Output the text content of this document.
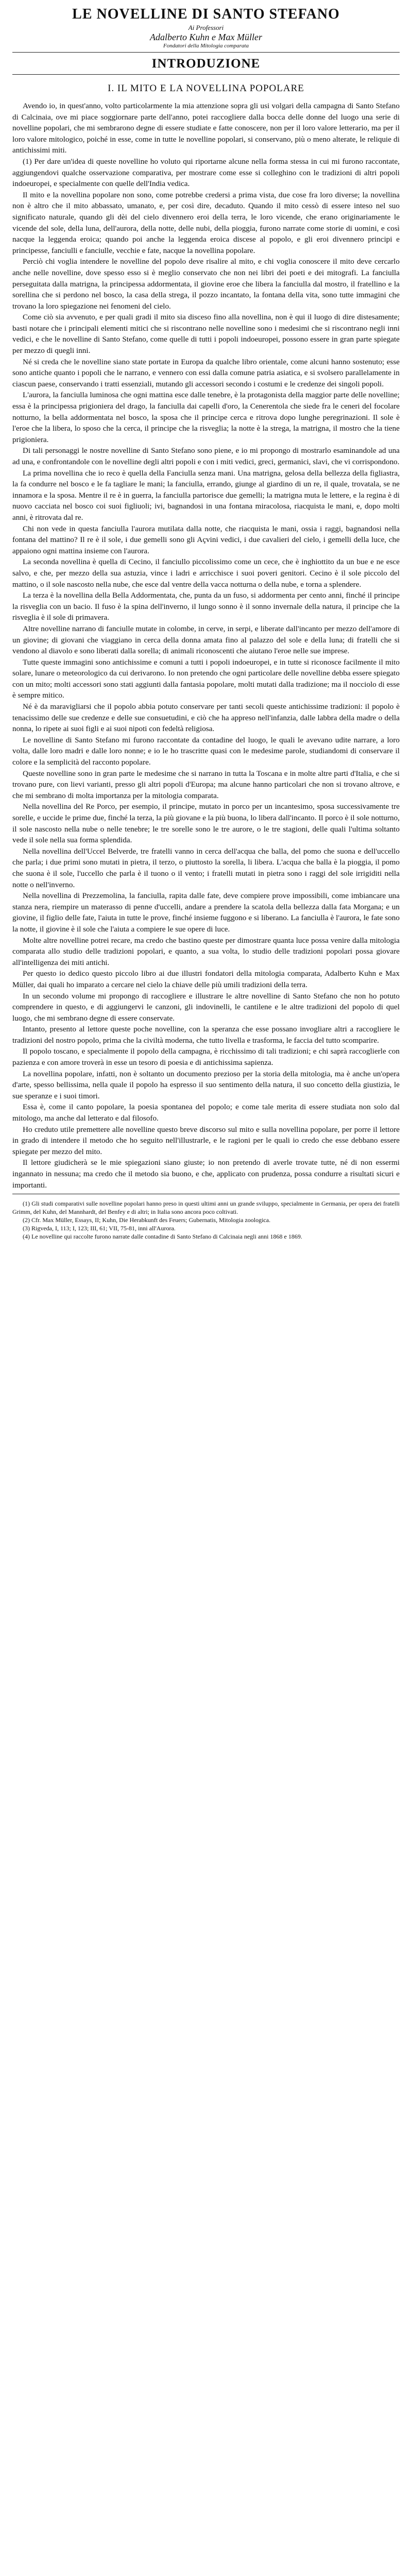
LE NOVELLINE DI SANTO STEFANO
Ai Professori
Adalberto Kuhn e Max Müller
Fondatori della Mitologia comparata
INTRODUZIONE
I. IL MITO E LA NOVELLINA POPOLARE

Avendo io, in quest'anno, volto particolarmente la mia attenzione sopra gli usi volgari della campagna di Santo Stefano di Calcinaia, ove mi piace soggiornare parte dell'anno, potei raccogliere dalla bocca delle donne del luogo una serie di novelline popolari, che mi sembrarono degne di essere studiate e fatte conoscere, non per il loro valore letterario, ma per il loro valore mitologico, poiché in esse, come in tutte le novelline popolari, si conservano, più o meno alterate, le reliquie di antichissimi miti.

(1) Per dare un'idea di queste novelline ho voluto qui riportarne alcune nella forma stessa in cui mi furono raccontate, aggiungendovi qualche osservazione comparativa, per mostrare come esse si colleghino con le tradizioni di altri popoli indoeuropei, e specialmente con quelle dell'India vedica.

Il mito e la novellina popolare non sono, come potrebbe credersi a prima vista, due cose fra loro diverse; la novellina non è altro che il mito abbassato, umanato, e, per così dire, decaduto. Quando il mito cessò di essere inteso nel suo significato naturale, quando gli dèi del cielo divennero eroi della terra, le loro vicende, che erano originariamente le vicende del sole, della luna, dell'aurora, della notte, delle nubi, della pioggia, furono narrate come storie di uomini, e così nacque la leggenda eroica; quando poi anche la leggenda eroica discese al popolo, e gli eroi divennero principi e principesse, fanciulli e fanciulle, vecchie e fate, nacque la novellina popolare.

Perciò chi voglia intendere le novelline del popolo deve risalire al mito, e chi voglia conoscere il mito deve cercarlo anche nelle novelline, dove spesso esso si è meglio conservato che non nei libri dei poeti e dei mitografi. La fanciulla perseguitata dalla matrigna, la principessa addormentata, il giovine eroe che libera la fanciulla dal mostro, il fratellino e la sorellina che si perdono nel bosco, la casa della strega, il pozzo incantato, la fontana della vita, sono tutte immagini che trovano la loro spiegazione nei fenomeni del cielo.

Come ciò sia avvenuto, e per quali gradi il mito sia disceso fino alla novellina, non è qui il luogo di dire distesamente; basti notare che i principali elementi mitici che si riscontrano nelle novelline sono i medesimi che si riscontrano negli inni vedici, e che le novelline di Santo Stefano, come quelle di tutti i popoli indoeuropei, possono essere in gran parte spiegate per mezzo di quegli inni.

Né si creda che le novelline siano state portate in Europa da qualche libro orientale, come alcuni hanno sostenuto; esse sono antiche quanto i popoli che le narrano, e vennero con essi dalla comune patria asiatica, e si svolsero parallelamente in ciascun paese, conservando i tratti essenziali, mutando gli accessori secondo i costumi e le credenze dei singoli popoli.

L'aurora, la fanciulla luminosa che ogni mattina esce dalle tenebre, è la protagonista della maggior parte delle novelline; essa è la principessa prigioniera del drago, la fanciulla dai capelli d'oro, la Cenerentola che siede fra le ceneri del focolare notturno, la bella addormentata nel bosco, la sposa che il principe cerca e ritrova dopo lunghe peregrinazioni. Il sole è l'eroe che la libera, lo sposo che la cerca, il principe che la risveglia; la notte è la strega, la matrigna, il mostro che la tiene prigioniera.

Di tali personaggi le nostre novelline di Santo Stefano sono piene, e io mi propongo di mostrarlo esaminandole ad una ad una, e confrontandole con le novelline degli altri popoli e con i miti vedici, greci, germanici, slavi, che vi corrispondono.

La prima novellina che io reco è quella della Fanciulla senza mani. Una matrigna, gelosa della bellezza della figliastra, la fa condurre nel bosco e le fa tagliare le mani; la fanciulla, errando, giunge al giardino di un re, il quale, trovatala, se ne innamora e la sposa. Mentre il re è in guerra, la fanciulla partorisce due gemelli; la matrigna muta le lettere, e la regina è di nuovo cacciata nel bosco coi suoi figliuoli; ivi, bagnandosi in una fontana miracolosa, riacquista le mani, e, dopo molti anni, è ritrovata dal re.

Chi non vede in questa fanciulla l'aurora mutilata dalla notte, che riacquista le mani, ossia i raggi, bagnandosi nella fontana del mattino? Il re è il sole, i due gemelli sono gli Açvini vedici, i due cavalieri del cielo, i gemelli della luce, che appaiono ogni mattina insieme con l'aurora.

La seconda novellina è quella di Cecino, il fanciullo piccolissimo come un cece, che è inghiottito da un bue e ne esce salvo, e che, per mezzo della sua astuzia, vince i ladri e arricchisce i suoi poveri genitori. Cecino è il sole piccolo del mattino, o il sole nascosto nella nube, che esce dal ventre della vacca notturna o della nube, e torna a splendere.

La terza è la novellina della Bella Addormentata, che, punta da un fuso, si addormenta per cento anni, finché il principe la risveglia con un bacio. Il fuso è la spina dell'inverno, il lungo sonno è il sonno invernale della natura, il principe che la risveglia è il sole di primavera.

Altre novelline narrano di fanciulle mutate in colombe, in cerve, in serpi, e liberate dall'incanto per mezzo dell'amore di un giovine; di giovani che viaggiano in cerca della donna amata fino al palazzo del sole e della luna; di fratelli che si vendono al diavolo e sono liberati dalla sorella; di animali riconoscenti che aiutano l'eroe nelle sue imprese.

Tutte queste immagini sono antichissime e comuni a tutti i popoli indoeuropei, e in tutte si riconosce facilmente il mito solare, lunare o meteorologico da cui derivarono. Io non pretendo che ogni particolare delle novelline debba essere spiegato con un mito; molti accessori sono stati aggiunti dalla fantasia popolare, molti mutati dalla tradizione; ma il nocciolo di esse è sempre mitico.

Né è da maravigliarsi che il popolo abbia potuto conservare per tanti secoli queste antichissime tradizioni: il popolo è tenacissimo delle sue credenze e delle sue consuetudini, e ciò che ha appreso nell'infanzia, dalle labbra della madre o della nonna, lo ripete ai suoi figli e ai suoi nipoti con fedeltà religiosa.

Le novelline di Santo Stefano mi furono raccontate da contadine del luogo, le quali le avevano udite narrare, a loro volta, dalle loro madri e dalle loro nonne; e io le ho trascritte quasi con le medesime parole, studiandomi di conservare il colore e la semplicità del racconto popolare.

Queste novelline sono in gran parte le medesime che si narrano in tutta la Toscana e in molte altre parti d'Italia, e che si trovano pure, con lievi varianti, presso gli altri popoli d'Europa; ma alcune hanno particolari che non si trovano altrove, e che mi sembrano di molta importanza per la mitologia comparata.

Nella novellina del Re Porco, per esempio, il principe, mutato in porco per un incantesimo, sposa successivamente tre sorelle, e uccide le prime due, finché la terza, la più giovane e la più buona, lo libera dall'incanto. Il porco è il sole notturno, il sole nascosto nella nube o nelle tenebre; le tre sorelle sono le tre aurore, o le tre stagioni, delle quali l'ultima soltanto vede il sole nella sua forma splendida.

Nella novellina dell'Uccel Belverde, tre fratelli vanno in cerca dell'acqua che balla, del pomo che suona e dell'uccello che parla; i due primi sono mutati in pietra, il terzo, o piuttosto la sorella, li libera. L'acqua che balla è la pioggia, il pomo che suona è il sole, l'uccello che parla è il tuono o il vento; i fratelli mutati in pietra sono i raggi del sole irrigiditi nella notte o nell'inverno.

Nella novellina di Prezzemolina, la fanciulla, rapita dalle fate, deve compiere prove impossibili, come imbiancare una stanza nera, riempire un materasso di penne d'uccelli, andare a prendere la scatola della bellezza dalla fata Morgana; e un giovine, il figlio delle fate, l'aiuta in tutte le prove, finché insieme fuggono e si liberano. La fanciulla è l'aurora, le fate sono la notte, il giovine è il sole che l'aiuta a compiere le sue opere di luce.

Molte altre novelline potrei recare, ma credo che bastino queste per dimostrare quanta luce possa venire dalla mitologia comparata allo studio delle tradizioni popolari, e quanto, a sua volta, lo studio delle tradizioni popolari possa giovare all'intelligenza dei miti antichi.

Per questo io dedico questo piccolo libro ai due illustri fondatori della mitologia comparata, Adalberto Kuhn e Max Müller, dai quali ho imparato a cercare nel cielo la chiave delle più umili tradizioni della terra.

In un secondo volume mi propongo di raccogliere e illustrare le altre novelline di Santo Stefano che non ho potuto comprendere in questo, e di aggiungervi le canzoni, gli indovinelli, le cantilene e le altre tradizioni del popolo di quel luogo, che mi sembrano degne di essere conservate.

Intanto, presento al lettore queste poche novelline, con la speranza che esse possano invogliare altri a raccogliere le tradizioni del nostro popolo, prima che la civiltà moderna, che tutto livella e trasforma, le faccia del tutto scomparire.

Il popolo toscano, e specialmente il popolo della campagna, è ricchissimo di tali tradizioni; e chi saprà raccoglierle con pazienza e con amore troverà in esse un tesoro di poesia e di antichissima sapienza.

La novellina popolare, infatti, non è soltanto un documento prezioso per la storia della mitologia, ma è anche un'opera d'arte, spesso bellissima, nella quale il popolo ha espresso il suo sentimento della natura, il suo concetto della giustizia, le sue speranze e i suoi timori.

Essa è, come il canto popolare, la poesia spontanea del popolo; e come tale merita di essere studiata non solo dal mitologo, ma anche dal letterato e dal filosofo.

Ho creduto utile premettere alle novelline questo breve discorso sul mito e sulla novellina popolare, per porre il lettore in grado di intendere il metodo che ho seguito nell'illustrarle, e le ragioni per le quali io credo che esse debbano essere spiegate per mezzo del mito.

Il lettore giudicherà se le mie spiegazioni siano giuste; io non pretendo di averle trovate tutte, né di non essermi ingannato in nessuna; ma credo che il metodo sia buono, e che, applicato con prudenza, possa condurre a risultati sicuri e importanti.

(1) Gli studi comparativi sulle novelline popolari hanno preso in questi ultimi anni un grande sviluppo, specialmente in Germania, per opera dei fratelli Grimm, del Kuhn, del Mannhardt, del Benfey e di altri; in Italia sono ancora poco coltivati.

(2) Cfr. Max Müller, Essays, II; Kuhn, Die Herabkunft des Feuers; Gubernatis, Mitologia zoologica.

(3) Rigveda, I, 113; I, 123; III, 61; VII, 75-81, inni all'Aurora.

(4) Le novelline qui raccolte furono narrate dalle contadine di Santo Stefano di Calcinaia negli anni 1868 e 1869.
